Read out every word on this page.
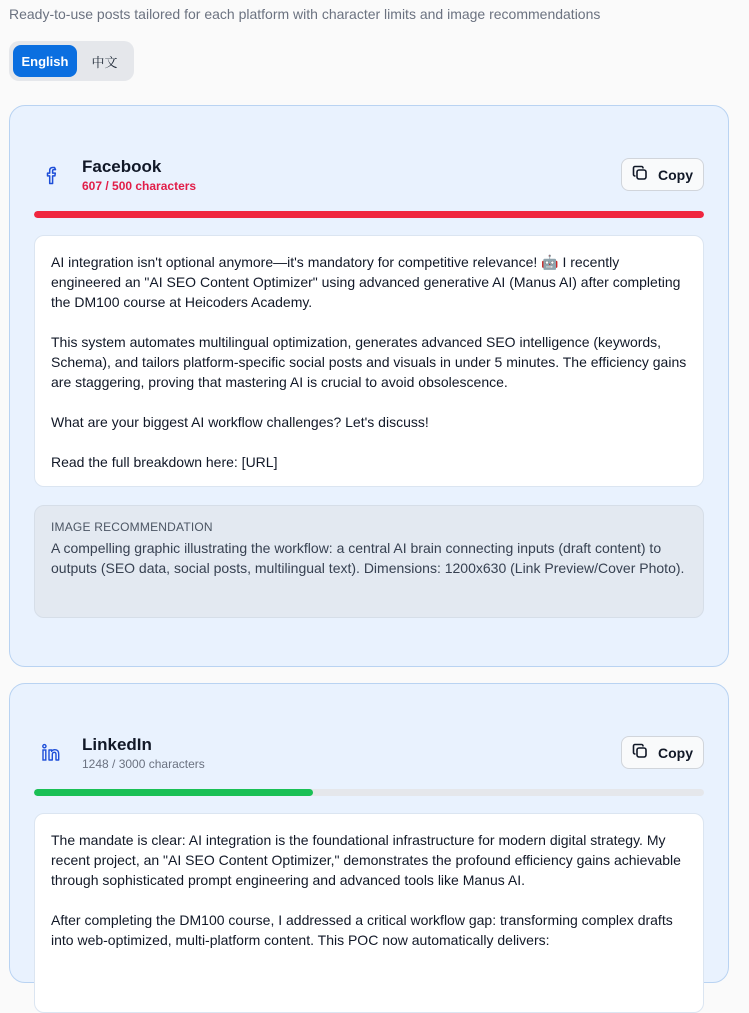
Ready-to-use posts tailored for each platform with character limits and image recommendations
English	中文
Facebook
607 / 500 characters
Copy

AI integration isn't optional anymore—it's mandatory for competitive relevance! 🤖 I recently engineered an "AI SEO Content Optimizer" using advanced generative AI (Manus AI) after completing the DM100 course at Heicoders Academy.

This system automates multilingual optimization, generates advanced SEO intelligence (keywords, Schema), and tailors platform-specific social posts and visuals in under 5 minutes. The efficiency gains are staggering, proving that mastering AI is crucial to avoid obsolescence.

What are your biggest AI workflow challenges? Let's discuss!

Read the full breakdown here: [URL]

IMAGE RECOMMENDATION
A compelling graphic illustrating the workflow: a central AI brain connecting inputs (draft content) to outputs (SEO data, social posts, multilingual text). Dimensions: 1200x630 (Link Preview/Cover Photo).
LinkedIn
1248 / 3000 characters
Copy

The mandate is clear: AI integration is the foundational infrastructure for modern digital strategy. My recent project, an "AI SEO Content Optimizer," demonstrates the profound efficiency gains achievable through sophisticated prompt engineering and advanced tools like Manus AI.

After completing the DM100 course, I addressed a critical workflow gap: transforming complex drafts into web-optimized, multi-platform content. This POC now automatically delivers:
